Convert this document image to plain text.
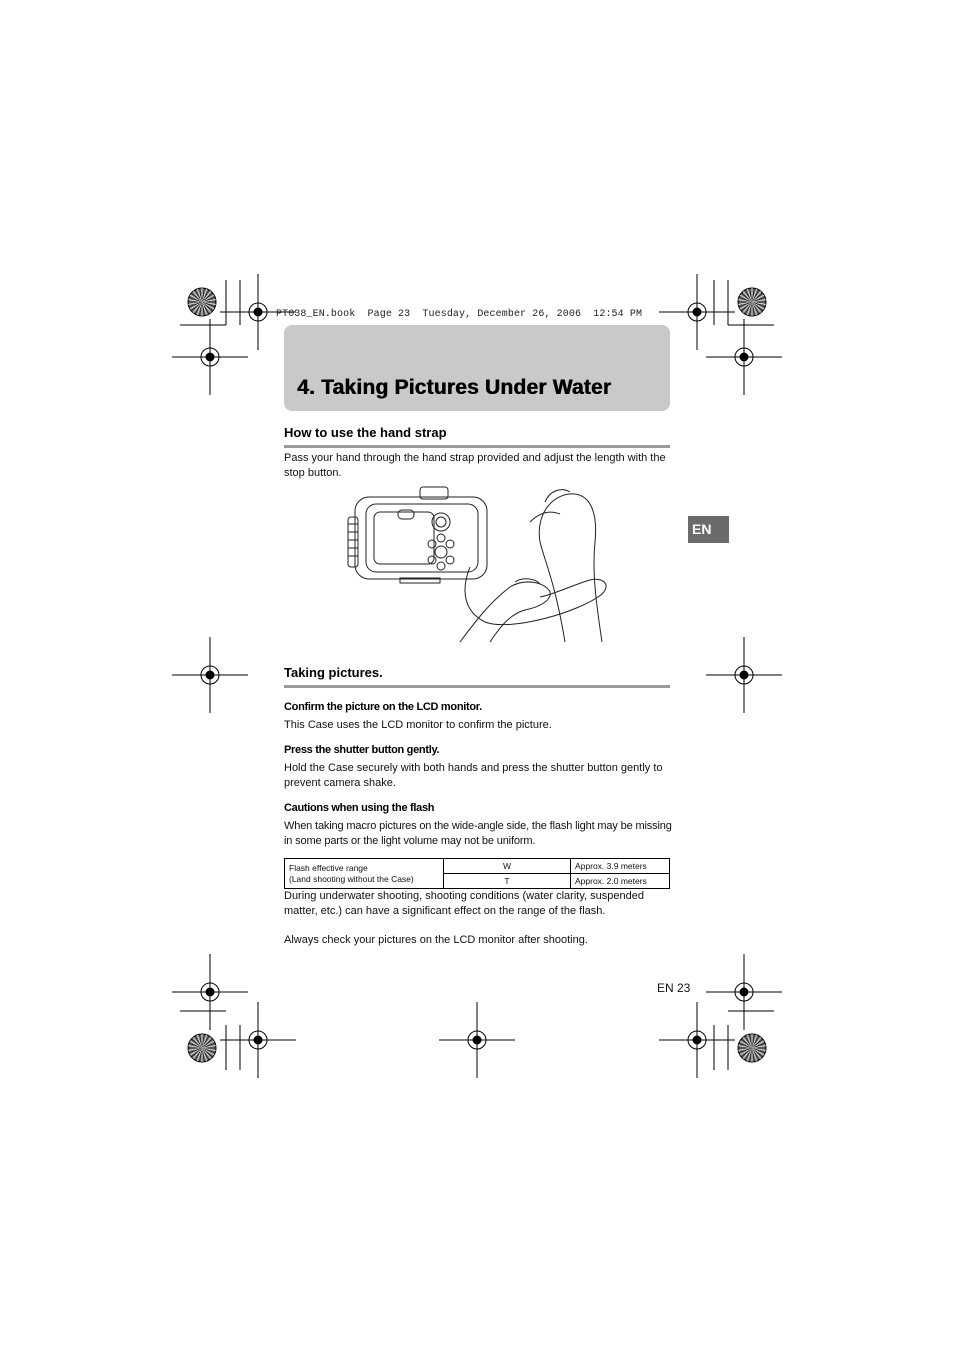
PT038_EN.book  Page 23  Tuesday, December 26, 2006  12:54 PM
4. Taking Pictures Under Water
EN
How to use the hand strap
Pass your hand through the hand strap provided and adjust the length with the stop button.
Taking pictures.
Confirm the picture on the LCD monitor.
This Case uses the LCD monitor to confirm the picture.
Press the shutter button gently.
Hold the Case securely with both hands and press the shutter button gently to prevent camera shake.
Cautions when using the flash
When taking macro pictures on the wide-angle side, the flash light may be missing in some parts or the light volume may not be uniform.
Flash effective range
(Land shooting without the Case)	W	Approx. 3.9 meters
	T	Approx. 2.0 meters
During underwater shooting, shooting conditions (water clarity, suspended matter, etc.) can have a significant effect on the range of the flash.
Always check your pictures on the LCD monitor after shooting.
EN 23
